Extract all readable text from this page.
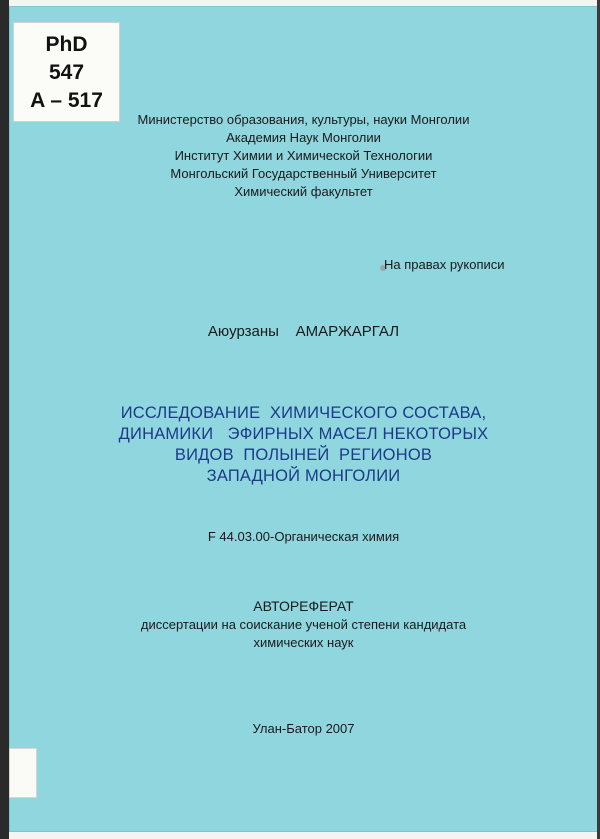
PhD
547
A – 517
Министерство образования, культуры, науки Монголии
Академия Наук Монголии
Институт Химии и Химической Технологии
Монгольский Государственный Университет
Химический факультет
На правах рукописи
Аюурзаны    АМАРЖАРГАЛ
ИССЛЕДОВАНИЕ  ХИМИЧЕСКОГО СОСТАВА,
ДИНАМИКИ   ЭФИРНЫХ МАСЕЛ НЕКОТОРЫХ
ВИДОВ  ПОЛЫНЕЙ  РЕГИОНОВ
ЗАПАДНОЙ МОНГОЛИИ
F 44.03.00-Органическая химия
АВТОРЕФЕРАТ
диссертации на соискание ученой степени кандидата
химических наук
Улан-Батор 2007
